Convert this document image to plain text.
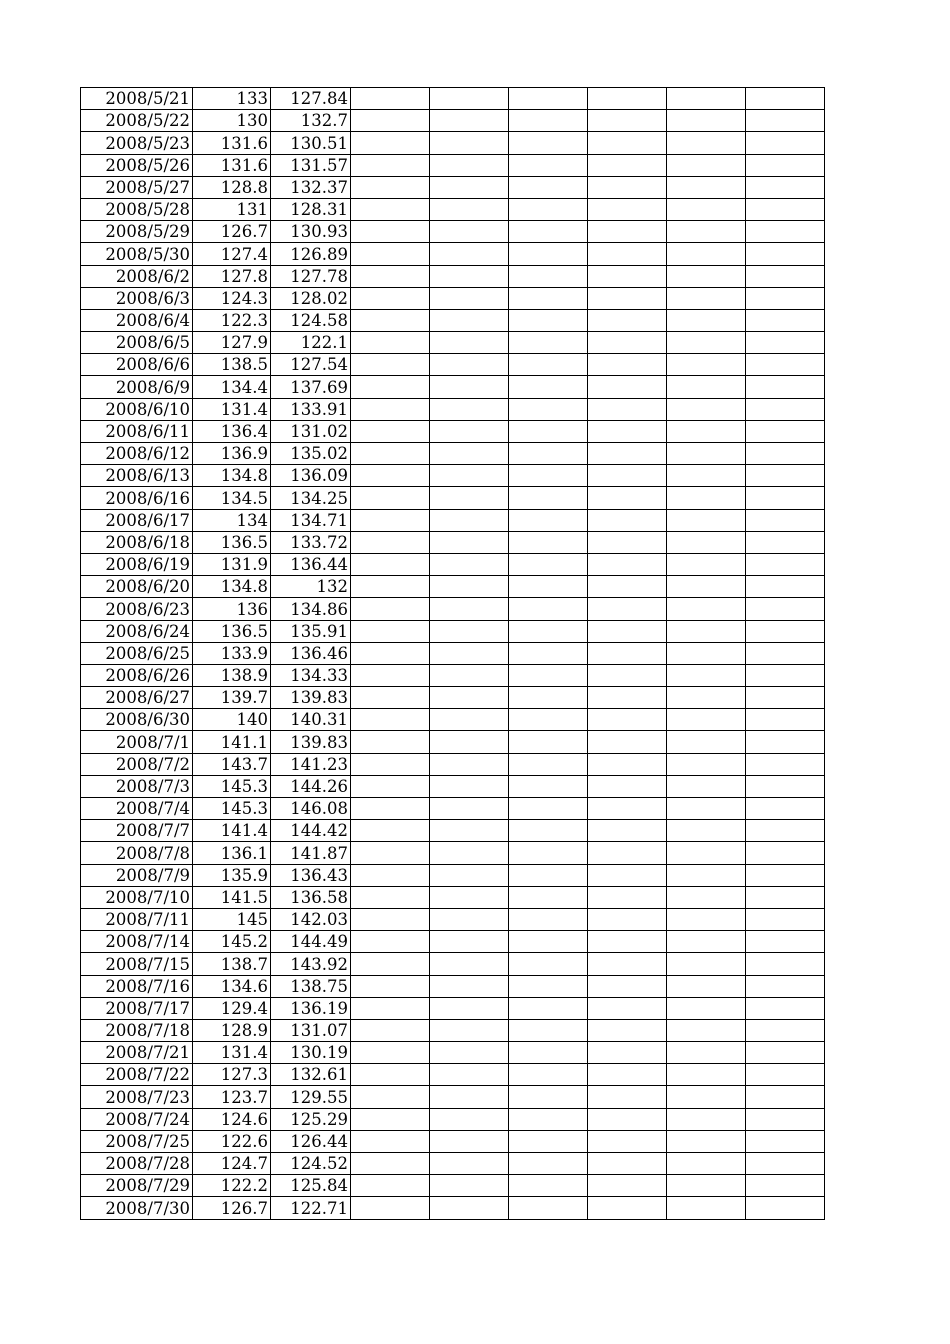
2008/5/21	133	127.84						
2008/5/22	130	132.7						
2008/5/23	131.6	130.51						
2008/5/26	131.6	131.57						
2008/5/27	128.8	132.37						
2008/5/28	131	128.31						
2008/5/29	126.7	130.93						
2008/5/30	127.4	126.89						
2008/6/2	127.8	127.78						
2008/6/3	124.3	128.02						
2008/6/4	122.3	124.58						
2008/6/5	127.9	122.1						
2008/6/6	138.5	127.54						
2008/6/9	134.4	137.69						
2008/6/10	131.4	133.91						
2008/6/11	136.4	131.02						
2008/6/12	136.9	135.02						
2008/6/13	134.8	136.09						
2008/6/16	134.5	134.25						
2008/6/17	134	134.71						
2008/6/18	136.5	133.72						
2008/6/19	131.9	136.44						
2008/6/20	134.8	132						
2008/6/23	136	134.86						
2008/6/24	136.5	135.91						
2008/6/25	133.9	136.46						
2008/6/26	138.9	134.33						
2008/6/27	139.7	139.83						
2008/6/30	140	140.31						
2008/7/1	141.1	139.83						
2008/7/2	143.7	141.23						
2008/7/3	145.3	144.26						
2008/7/4	145.3	146.08						
2008/7/7	141.4	144.42						
2008/7/8	136.1	141.87						
2008/7/9	135.9	136.43						
2008/7/10	141.5	136.58						
2008/7/11	145	142.03						
2008/7/14	145.2	144.49						
2008/7/15	138.7	143.92						
2008/7/16	134.6	138.75						
2008/7/17	129.4	136.19						
2008/7/18	128.9	131.07						
2008/7/21	131.4	130.19						
2008/7/22	127.3	132.61						
2008/7/23	123.7	129.55						
2008/7/24	124.6	125.29						
2008/7/25	122.6	126.44						
2008/7/28	124.7	124.52						
2008/7/29	122.2	125.84						
2008/7/30	126.7	122.71						
